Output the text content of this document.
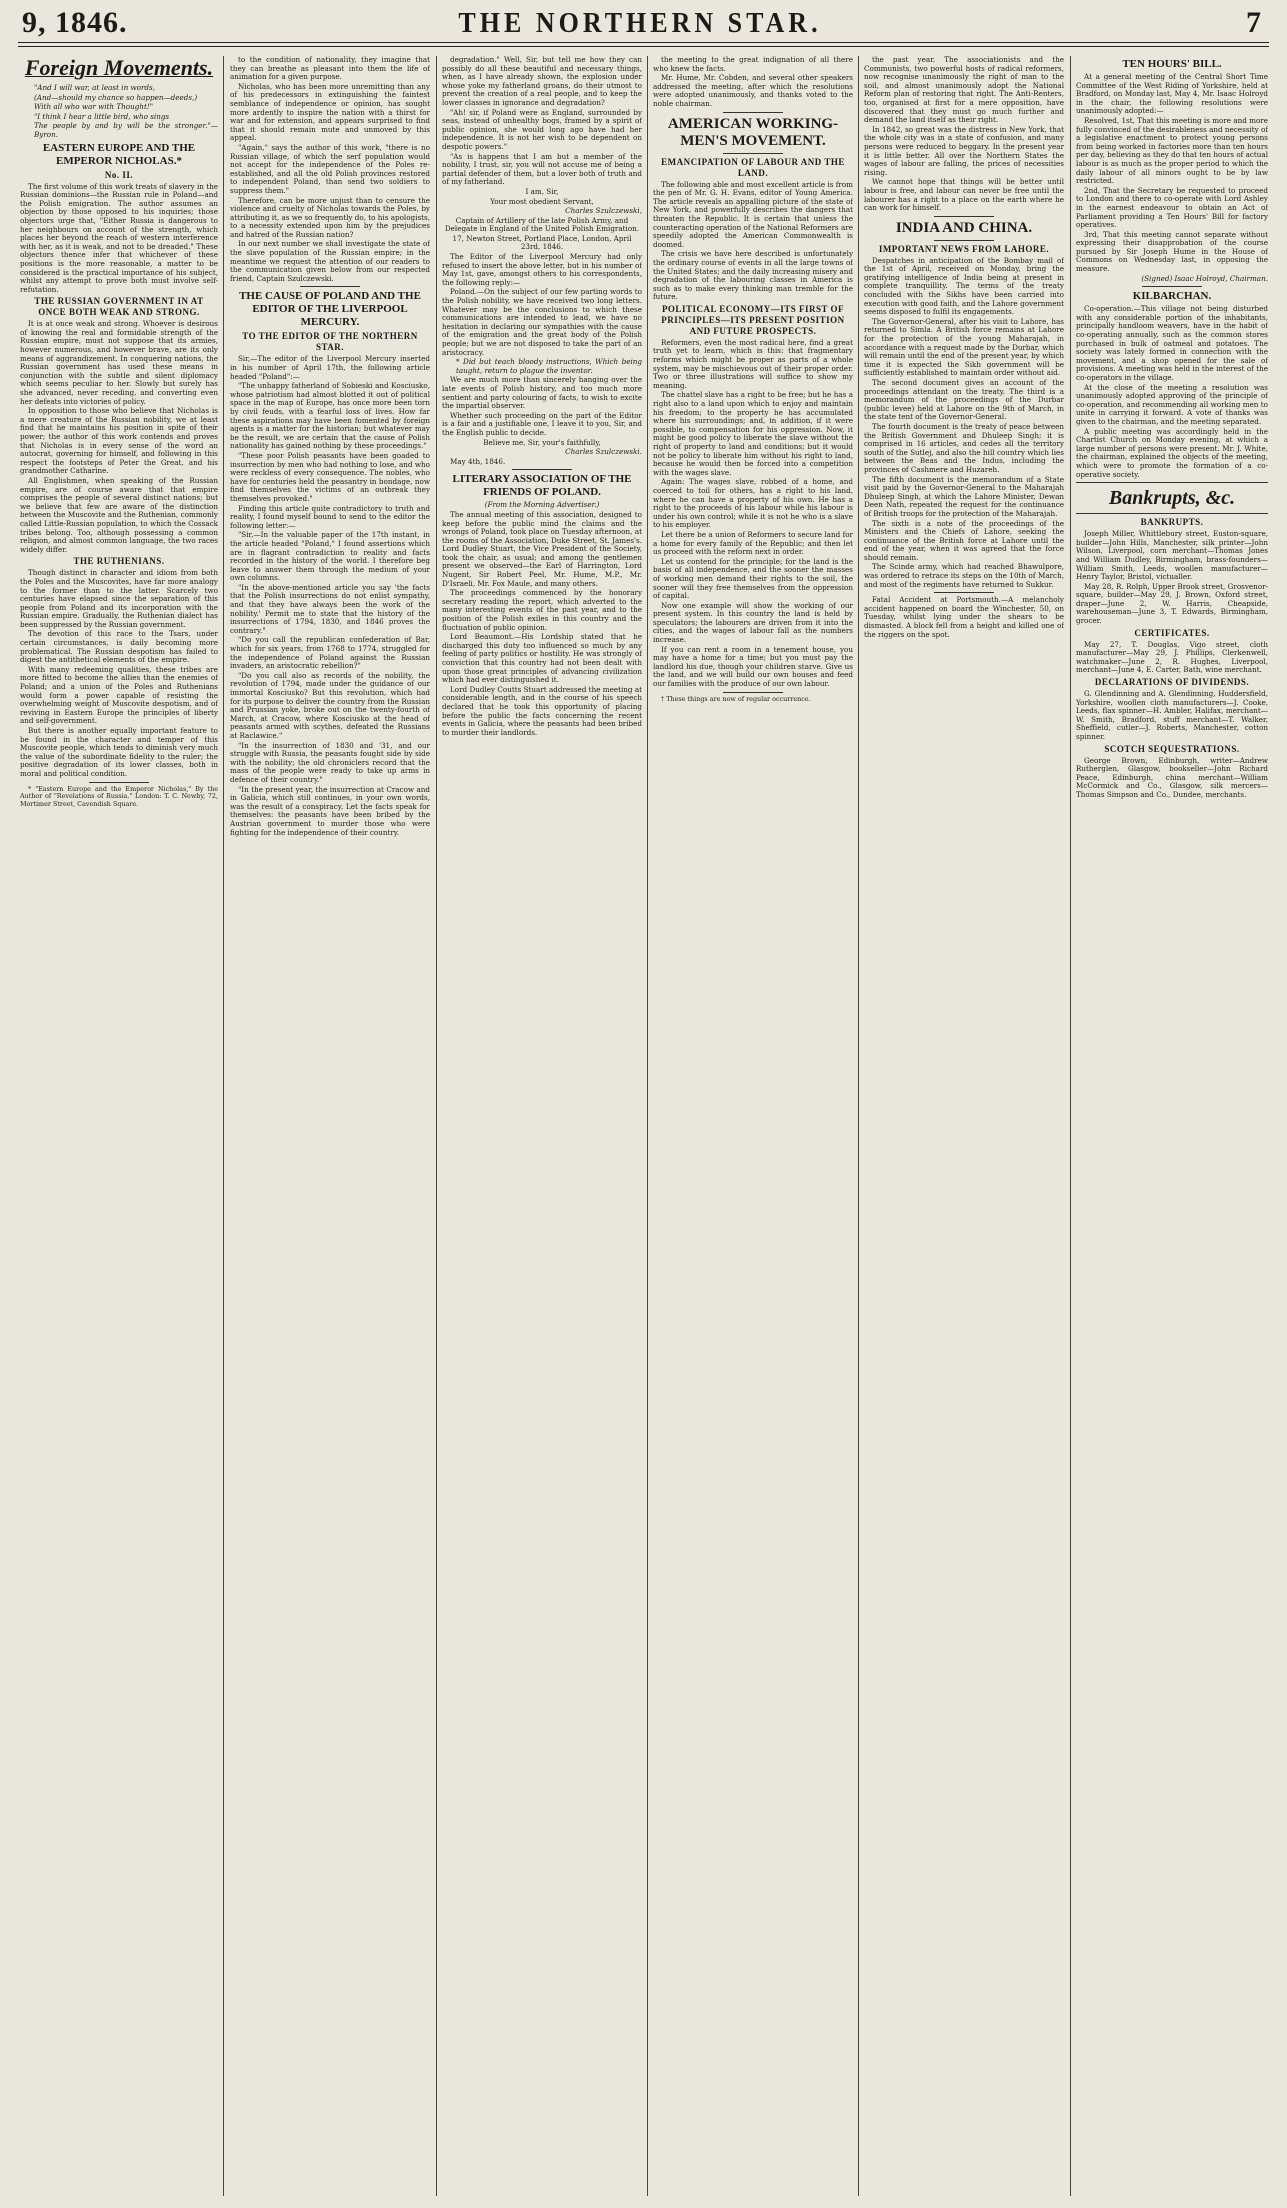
9, 1846.	THE NORTHERN STAR.	7
Foreign Movements.

"And I will war, at least in words,

(And—should my chance so happen—deeds,)

With all who war with Thought!"

"I think I hear a little bird, who sings

The people by and by will be the stronger."—Byron.

EASTERN EUROPE AND THE EMPEROR NICHOLAS.*
No. II.

The first volume of this work treats of slavery in the Russian dominions—the Russian rule in Poland—and the Polish emigration. The author assumes an objection by those opposed to his inquiries; those objectors urge that, "Either Russia is dangerous to her neighbours on account of the strength, which places her beyond the reach of western interference with her, as it is weak, and not to be dreaded." These objectors thence infer that whichever of these positions is the more reasonable, a matter to be considered is the practical importance of his subject, whilst any attempt to prove both must involve self-refutation.

THE RUSSIAN GOVERNMENT IN AT ONCE BOTH WEAK AND STRONG.

It is at once weak and strong. Whoever is desirous of knowing the real and formidable strength of the Russian empire, must not suppose that its armies, however numerous, and however brave, are its only means of aggrandizement. In conquering nations, the Russian government has used these means in conjunction with the subtle and silent diplomacy which seems peculiar to her. Slowly but surely has she advanced, never receding, and converting even her defeats into victories of policy.

In opposition to those who believe that Nicholas is a mere creature of the Russian nobility, we at least find that he maintains his position in spite of their power; the author of this work contends and proves that Nicholas is in every sense of the word an autocrat, governing for himself, and following in this respect the footsteps of Peter the Great, and his grandmother Catharine.

All Englishmen, when speaking of the Russian empire, are of course aware that that empire comprises the people of several distinct nations; but we believe that few are aware of the distinction between the Muscovite and the Ruthenian, commonly called Little-Russian population, to which the Cossack tribes belong. Too, although possessing a common religion, and almost common language, the two races widely differ.

THE RUTHENIANS.

Though distinct in character and idiom from both the Poles and the Muscovites, have far more analogy to the former than to the latter. Scarcely two centuries have elapsed since the separation of this people from Poland and its incorporation with the Russian empire. Gradually, the Ruthenian dialect has been suppressed by the Russian government.

The devotion of this race to the Tsars, under certain circumstances, is daily becoming more problematical. The Russian despotism has failed to digest the antithetical elements of the empire.

With many redeeming qualities, these tribes are more fitted to become the allies than the enemies of Poland; and a union of the Poles and Ruthenians would form a power capable of resisting the overwhelming weight of Muscovite despotism, and of reviving in Eastern Europe the principles of liberty and self-government.

But there is another equally important feature to be found in the character and temper of this Muscovite people, which tends to diminish very much the value of the subordinate fidelity to the ruler; the positive degradation of its lower classes, both in moral and political condition.

* "Eastern Europe and the Emperor Nicholas," By the Author of "Revelations of Russia." London: T. C. Newby, 72, Mortimer Street, Cavendish Square.

to the condition of nationality, they imagine that they can breathe as pleasant into them the life of animation for a given purpose.

Nicholas, who has been more unremitting than any of his predecessors in extinguishing the faintest semblance of independence or opinion, has sought more ardently to inspire the nation with a thirst for war and for extension, and appears surprised to find that it should remain mute and unmoved by this appeal.

"Again," says the author of this work, "there is no Russian village, of which the serf population would not accept for the independence of the Poles re-established, and all the old Polish provinces restored to independent Poland, than send two soldiers to suppress them."

Therefore, can be more unjust than to censure the violence and cruelty of Nicholas towards the Poles, by attributing it, as we so frequently do, to his apologists, to a necessity extended upon him by the prejudices and hatred of the Russian nation?

In our next number we shall investigate the state of the slave population of the Russian empire; in the meantime we request the attention of our readers to the communication given below from our respected friend, Captain Szulczewski.

THE CAUSE OF POLAND AND THE EDITOR OF THE LIVERPOOL MERCURY.
TO THE EDITOR OF THE NORTHERN STAR.

Sir,—The editor of the Liverpool Mercury inserted in his number of April 17th, the following article headed "Poland":—

"The unhappy fatherland of Sobieski and Kosciusko, whose patriotism had almost blotted it out of political space in the map of Europe, has once more been torn by civil feuds, with a fearful loss of lives. How far these aspirations may have been fomented by foreign agents is a matter for the historian; but whatever may be the result, we are certain that the cause of Polish nationality has gained nothing by these proceedings."

"These poor Polish peasants have been goaded to insurrection by men who had nothing to lose, and who were reckless of every consequence. The nobles, who have for centuries held the peasantry in bondage, now find themselves the victims of an outbreak they themselves provoked."

Finding this article quite contradictory to truth and reality, I found myself bound to send to the editor the following letter:—

"Sir,—In the valuable paper of the 17th instant, in the article headed "Poland," I found assertions which are in flagrant contradiction to reality and facts recorded in the history of the world. I therefore beg leave to answer them through the medium of your own columns.

"In the above-mentioned article you say 'the facts that the Polish insurrections do not enlist sympathy, and that they have always been the work of the nobility.' Permit me to state that the history of the insurrections of 1794, 1830, and 1846 proves the contrary."

"Do you call the republican confederation of Bar, which for six years, from 1768 to 1774, struggled for the independence of Poland against the Russian invaders, an aristocratic rebellion?"

"Do you call also as records of the nobility, the revolution of 1794, made under the guidance of our immortal Kosciusko? But this revolution, which had for its purpose to deliver the country from the Russian and Prussian yoke, broke out on the twenty-fourth of March, at Cracow, where Kosciusko at the head of peasants armed with scythes, defeated the Russians at Raclawice."

"In the insurrection of 1830 and '31, and our struggle with Russia, the peasants fought side by side with the nobility; the old chroniclers record that the mass of the people were ready to take up arms in defence of their country."

"In the present year, the insurrection at Cracow and in Galicia, which still continues, in your own words, was the result of a conspiracy. Let the facts speak for themselves: the peasants have been bribed by the Austrian government to murder those who were fighting for the independence of their country.

degradation." Well, Sir, but tell me how they can possibly do all these beautiful and necessary things, when, as I have already shown, the explosion under whose yoke my fatherland groans, do their utmost to prevent the creation of a real people, and to keep the lower classes in ignorance and degradation?

"Ah! sir, if Poland were as England, surrounded by seas, instead of unhealthy bogs, framed by a spirit of public opinion, she would long ago have had her independence. It is not her wish to be dependent on despotic powers."

"As is happens that I am but a member of the nobility, I trust, sir, you will not accuse me of being a partial defender of them, but a lover both of truth and of my fatherland.

I am, Sir,

Your most obedient Servant,

Charles Szulczewski,

Captain of Artillery of the late Polish Army, and Delegate in England of the United Polish Emigration.

17, Newton Street, Portland Place, London, April 23rd, 1846.

The Editor of the Liverpool Mercury had only refused to insert the above letter, but in his number of May 1st, gave, amongst others to his correspondents, the following reply:—

Poland.—On the subject of our few parting words to the Polish nobility, we have received two long letters. Whatever may be the conclusions to which these communications are intended to lead, we have no hesitation in declaring our sympathies with the cause of the emigration and the great body of the Polish people; but we are not disposed to take the part of an aristocracy.

* Did but teach bloody instructions, Which being taught, return to plague the inventor.

We are much more than sincerely hanging over the late events of Polish history, and too much more sentient and party colouring of facts, to wish to excite the impartial observer.

Whether such proceeding on the part of the Editor is a fair and a justifiable one, I leave it to you, Sir, and the English public to decide.

Believe me, Sir, your's faithfully,

Charles Szulczewski.

May 4th, 1846.

LITERARY ASSOCIATION OF THE FRIENDS OF POLAND.

(From the Morning Advertiser.)

The annual meeting of this association, designed to keep before the public mind the claims and the wrongs of Poland, took place on Tuesday afternoon, at the rooms of the Association, Duke Street, St. James's. Lord Dudley Stuart, the Vice President of the Society, took the chair, as usual; and among the gentlemen present we observed—the Earl of Harrington, Lord Nugent, Sir Robert Peel, Mr. Hume, M.P., Mr. D'Israeli, Mr. Fox Maule, and many others.

The proceedings commenced by the honorary secretary reading the report, which adverted to the many interesting events of the past year, and to the position of the Polish exiles in this country and the fluctuation of public opinion.

Lord Beaumont.—His Lordship stated that he discharged this duty too influenced so much by any feeling of party politics or hostility. He was strongly of conviction that this country had not been dealt with upon those great principles of advancing civilization which had ever distinguished it.

Lord Dudley Coutts Stuart addressed the meeting at considerable length, and in the course of his speech declared that he took this opportunity of placing before the public the facts concerning the recent events in Galicia, where the peasants had been bribed to murder their landlords.

the meeting to the great indignation of all there who knew the facts.

Mr. Hume, Mr. Cobden, and several other speakers addressed the meeting, after which the resolutions were adopted unanimously, and thanks voted to the noble chairman.

AMERICAN WORKING-MEN'S MOVEMENT.
EMANCIPATION OF LABOUR AND THE LAND.

The following able and most excellent article is from the pen of Mr. G. H. Evans, editor of Young America. The article reveals an appalling picture of the state of New York, and powerfully describes the dangers that threaten the Republic. It is certain that unless the counteracting operation of the National Reformers are speedily adopted the American Commonwealth is doomed.

The crisis we have here described is unfortunately the ordinary course of events in all the large towns of the United States; and the daily increasing misery and degradation of the labouring classes in America is such as to make every thinking man tremble for the future.

POLITICAL ECONOMY—ITS FIRST OF PRINCIPLES—ITS PRESENT POSITION AND FUTURE PROSPECTS.

Reformers, even the most radical here, find a great truth yet to learn, which is this: that fragmentary reforms which might be proper as parts of a whole system, may be mischievous out of their proper order. Two or three illustrations will suffice to show my meaning.

The chattel slave has a right to be free; but he has a right also to a land upon which to enjoy and maintain his freedom; to the property he has accumulated where his surroundings; and, in addition, if it were possible, to compensation for his oppression. Now, it might be good policy to liberate the slave without the right of property to land and conditions; but it would not be policy to liberate him without his right to land, because he would then be forced into a competition with the wages slave.

Again: The wages slave, robbed of a home, and coerced to toil for others, has a right to his land, where he can have a property of his own. He has a right to the proceeds of his labour while his labour is under his own control; while it is not he who is a slave to his employer.

Let there be a union of Reformers to secure land for a home for every family of the Republic; and then let us proceed with the reform next in order.

Let us contend for the principle; for the land is the basis of all independence, and the sooner the masses of working men demand their rights to the soil, the sooner will they free themselves from the oppression of capital.

Now one example will show the working of our present system. In this country the land is held by speculators; the labourers are driven from it into the cities, and the wages of labour fall as the numbers increase.

If you can rent a room in a tenement house, you may have a home for a time; but you must pay the landlord his due, though your children starve. Give us the land, and we will build our own houses and feed our families with the produce of our own labour.

† These things are now of regular occurrence.

the past year. The associationists and the Communists, two powerful hosts of radical reformers, now recognise unanimously the right of man to the soil, and almost unanimously adopt the National Reform plan of restoring that right. The Anti-Renters, too, organised at first for a mere opposition, have discovered that they must go much further and demand the land itself as their right.

In 1842, so great was the distress in New York, that the whole city was in a state of confusion, and many persons were reduced to beggary. In the present year it is little better. All over the Northern States the wages of labour are falling, the prices of necessities rising.

We cannot hope that things will be better until labour is free, and labour can never be free until the labourer has a right to a place on the earth where he can work for himself.

INDIA AND CHINA.
IMPORTANT NEWS FROM LAHORE.

Despatches in anticipation of the Bombay mail of the 1st of April, received on Monday, bring the gratifying intelligence of India being at present in complete tranquillity. The terms of the treaty concluded with the Sikhs have been carried into execution with good faith, and the Lahore government seems disposed to fulfil its engagements.

The Governor-General, after his visit to Lahore, has returned to Simla. A British force remains at Lahore for the protection of the young Maharajah, in accordance with a request made by the Durbar, which will remain until the end of the present year, by which time it is expected the Sikh government will be sufficiently established to maintain order without aid.

The second document gives an account of the proceedings attendant on the treaty. The third is a memorandum of the proceedings of the Durbar (public levee) held at Lahore on the 9th of March, in the state tent of the Governor-General.

The fourth document is the treaty of peace between the British Government and Dhuleep Singh; it is comprised in 16 articles, and cedes all the territory south of the Sutlej, and also the hill country which lies between the Beas and the Indus, including the provinces of Cashmere and Huzareh.

The fifth document is the memorandum of a State visit paid by the Governor-General to the Maharajah Dhuleep Singh, at which the Lahore Minister, Dewan Deen Nath, repeated the request for the continuance of British troops for the protection of the Maharajah.

The sixth is a note of the proceedings of the Ministers and the Chiefs of Lahore, seeking the continuance of the British force at Lahore until the end of the year, when it was agreed that the force should remain.

The Scinde army, which had reached Bhawulpore, was ordered to retrace its steps on the 10th of March, and most of the regiments have returned to Sukkur.

Fatal Accident at Portsmouth.—A melancholy accident happened on board the Winchester, 50, on Tuesday, whilst lying under the shears to be dismasted. A block fell from a height and killed one of the riggers on the spot.

TEN HOURS' BILL.

At a general meeting of the Central Short Time Committee of the West Riding of Yorkshire, held at Bradford, on Monday last, May 4, Mr. Isaac Holroyd in the chair, the following resolutions were unanimously adopted:—

Resolved, 1st, That this meeting is more and more fully convinced of the desirableness and necessity of a legislative enactment to protect young persons from being worked in factories more than ten hours per day, believing as they do that ten hours of actual labour is as much as the proper period to which the daily labour of all minors ought to be by law restricted.

2nd, That the Secretary be requested to proceed to London and there to co-operate with Lord Ashley in the earnest endeavour to obtain an Act of Parliament providing a Ten Hours' Bill for factory operatives.

3rd, That this meeting cannot separate without expressing their disapprobation of the course pursued by Sir Joseph Hume in the House of Commons on Wednesday last, in opposing the measure.

(Signed) Isaac Holroyd, Chairman.

KILBARCHAN.

Co-operation.—This village not being disturbed with any considerable portion of the inhabitants, principally handloom weavers, have in the habit of co-operating annually, such as the common stores purchased in bulk of oatmeal and potatoes. The society was lately formed in connection with the movement, and a shop opened for the sale of provisions. A meeting was held in the interest of the co-operators in the village.

At the close of the meeting a resolution was unanimously adopted approving of the principle of co-operation, and recommending all working men to unite in carrying it forward. A vote of thanks was given to the chairman, and the meeting separated.

A public meeting was accordingly held in the Chartist Church on Monday evening, at which a large number of persons were present. Mr. J. White, the chairman, explained the objects of the meeting, which were to promote the formation of a co-operative society.

Bankrupts, &c.
BANKRUPTS.

Joseph Miller, Whittlebury street, Euston-square, builder—John Hills, Manchester, silk printer—John Wilson, Liverpool, corn merchant—Thomas Jones and William Dudley, Birmingham, brass-founders—William Smith, Leeds, woollen manufacturer—Henry Taylor, Bristol, victualler.

May 28, R. Rolph, Upper Brook street, Grosvenor-square, builder—May 29, J. Brown, Oxford street, draper—June 2, W. Harris, Cheapside, warehouseman—June 3, T. Edwards, Birmingham, grocer.

CERTIFICATES.

May 27, T. Douglas, Vigo street, cloth manufacturer—May 29, J. Phillips, Clerkenwell, watchmaker—June 2, R. Hughes, Liverpool, merchant—June 4, E. Carter, Bath, wine merchant.

DECLARATIONS OF DIVIDENDS.

G. Glendinning and A. Glendinning, Huddersfield, Yorkshire, woollen cloth manufacturers—J. Cooke, Leeds, flax spinner—H. Ambler, Halifax, merchant—W. Smith, Bradford, stuff merchant—T. Walker, Sheffield, cutler—J. Roberts, Manchester, cotton spinner.

SCOTCH SEQUESTRATIONS.

George Brown, Edinburgh, writer—Andrew Rutherglen, Glasgow, bookseller—John Richard Peace, Edinburgh, china merchant—William McCormick and Co., Glasgow, silk mercers—Thomas Simpson and Co., Dundee, merchants.
